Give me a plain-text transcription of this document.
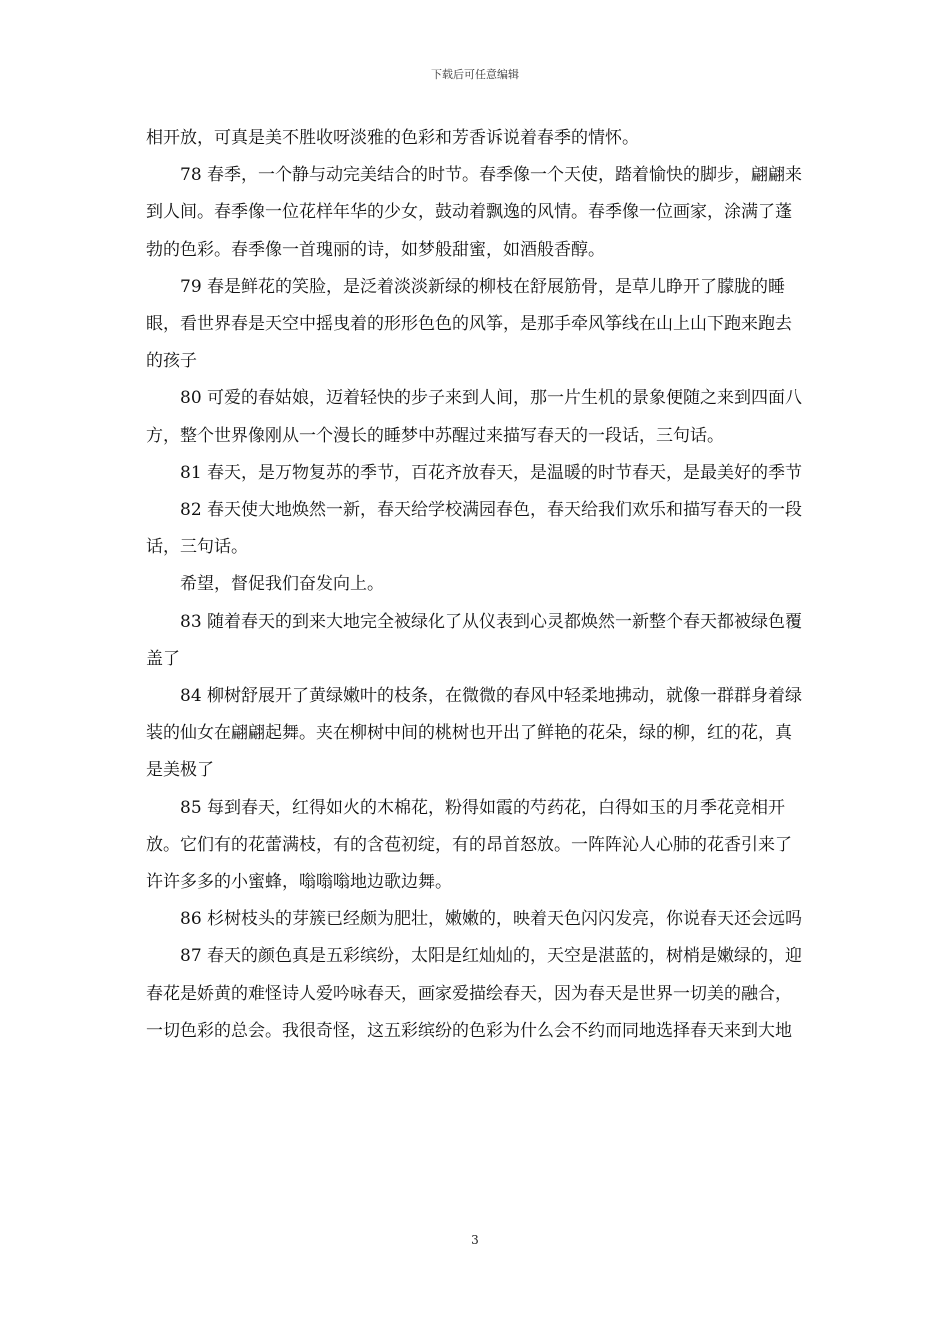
下载后可任意编辑

相开放，可真是美不胜收呀淡雅的色彩和芳香诉说着春季的情怀。

78 春季，一个静与动完美结合的时节。春季像一个天使，踏着愉快的脚步，翩翩来到人间。春季像一位花样年华的少女，鼓动着飘逸的风情。春季像一位画家，涂满了蓬勃的色彩。春季像一首瑰丽的诗，如梦般甜蜜，如酒般香醇。

79 春是鲜花的笑脸，是泛着淡淡新绿的柳枝在舒展筋骨，是草儿睁开了朦胧的睡眼，看世界春是天空中摇曳着的形形色色的风筝，是那手牵风筝线在山上山下跑来跑去的孩子

80 可爱的春姑娘，迈着轻快的步子来到人间，那一片生机的景象便随之来到四面八方，整个世界像刚从一个漫长的睡梦中苏醒过来描写春天的一段话，三句话。

81 春天，是万物复苏的季节，百花齐放春天，是温暖的时节春天，是最美好的季节

82 春天使大地焕然一新，春天给学校满园春色，春天给我们欢乐和描写春天的一段话，三句话。

希望，督促我们奋发向上。

83 随着春天的到来大地完全被绿化了从仪表到心灵都焕然一新整个春天都被绿色覆盖了

84 柳树舒展开了黄绿嫩叶的枝条，在微微的春风中轻柔地拂动，就像一群群身着绿装的仙女在翩翩起舞。夹在柳树中间的桃树也开出了鲜艳的花朵，绿的柳，红的花，真是美极了

85 每到春天，红得如火的木棉花，粉得如霞的芍药花，白得如玉的月季花竞相开放。它们有的花蕾满枝，有的含苞初绽，有的昂首怒放。一阵阵沁人心肺的花香引来了许许多多的小蜜蜂，嗡嗡嗡地边歌边舞。

86 杉树枝头的芽簇已经颇为肥壮，嫩嫩的，映着天色闪闪发亮，你说春天还会远吗

87 春天的颜色真是五彩缤纷，太阳是红灿灿的，天空是湛蓝的，树梢是嫩绿的，迎春花是娇黄的难怪诗人爱吟咏春天，画家爱描绘春天，因为春天是世界一切美的融合，一切色彩的总会。我很奇怪，这五彩缤纷的色彩为什么会不约而同地选择春天来到大地

3
